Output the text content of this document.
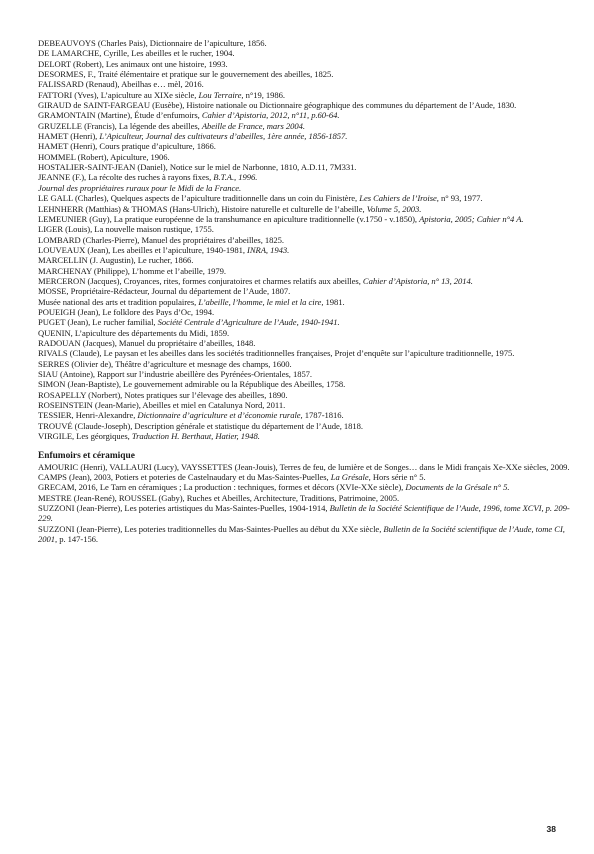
DEBEAUVOYS (Charles Pais), Dictionnaire de l’apiculture, 1856.

DE LAMARCHE, Cyrille, Les abeilles et le rucher, 1904.

DELORT (Robert), Les animaux ont une histoire, 1993.

DESORMES, F., Traité élémentaire et pratique sur le gouvernement des abeilles, 1825.

FALISSARD (Renaud), Abeilhas e… mèl, 2016.

FATTORI (Yves), L’apiculture au XIXe siècle, Lou Terraire, n°19, 1986.

GIRAUD de SAINT-FARGEAU (Eusèbe), Histoire nationale ou Dictionnaire géographique des communes du département de l’Aude, 1830.

GRAMONTAIN (Martine), Étude d’enfumoirs, Cahier d’Apistoria, 2012, n°11, p.60-64.

GRUZELLE (Francis), La légende des abeilles, Abeille de France, mars 2004.

HAMET (Henri), L’Apiculteur, Journal des cultivateurs d’abeilles, 1ère année, 1856-1857.

HAMET (Henri), Cours pratique d’apiculture, 1866.

HOMMEL (Robert), Apiculture, 1906.

HOSTALIER-SAINT-JEAN (Daniel), Notice sur le miel de Narbonne, 1810, A.D.11, 7M331.

JEANNE (F.), La récolte des ruches à rayons fixes, B.T.A., 1996.

Journal des propriétaires ruraux pour le Midi de la France.

LE GALL (Charles), Quelques aspects de l’apiculture traditionnelle dans un coin du Finistère, Les Cahiers de l’Iroise, n° 93, 1977.

LEHNHERR (Matthias) & THOMAS (Hans-Ulrich), Histoire naturelle et culturelle de l’abeille, Volume 5, 2003.

LEMEUNIER (Guy), La pratique européenne de la transhumance en apiculture traditionnelle (v.1750 - v.1850), Apistoria, 2005; Cahier n°4 A.

LIGER (Louis), La nouvelle maison rustique, 1755.

LOMBARD (Charles-Pierre), Manuel des propriétaires d’abeilles, 1825.

LOUVEAUX (Jean), Les abeilles et l’apiculture, 1940-1981, INRA, 1943.

MARCELLIN (J. Augustin), Le rucher, 1866.

MARCHENAY (Philippe), L’homme et l’abeille, 1979.

MERCERON (Jacques), Croyances, rites, formes conjuratoires et charmes relatifs aux abeilles, Cahier d’Apistoria, n° 13, 2014.

MOSSE, Propriétaire-Rédacteur, Journal du département de l’Aude, 1807.

Musée national des arts et tradition populaires, L’abeille, l’homme, le miel et la cire, 1981.

POUEIGH (Jean), Le folklore des Pays d’Oc, 1994.

PUGET (Jean), Le rucher familial, Société Centrale d’Agriculture de l’Aude, 1940-1941.

QUENIN, L’apiculture des départements du Midi, 1859.

RADOUAN (Jacques), Manuel du propriétaire d’abeilles, 1848.

RIVALS (Claude), Le paysan et les abeilles dans les sociétés traditionnelles françaises, Projet d’enquête sur l’apiculture traditionnelle, 1975.

SERRES (Olivier de), Théâtre d’agriculture et mesnage des champs, 1600.

SIAU (Antoine), Rapport sur l’industrie abeillère des Pyrénées-Orientales, 1857.

SIMON (Jean-Baptiste), Le gouvernement admirable ou la République des Abeilles, 1758.

ROSAPELLY (Norbert), Notes pratiques sur l’élevage des abeilles, 1890.

ROSEINSTEIN (Jean-Marie), Abeilles et miel en Catalunya Nord, 2011.

TESSIER, Henri-Alexandre, Dictionnaire d’agriculture et d’économie rurale, 1787-1816.

TROUVÉ (Claude-Joseph), Description générale et statistique du département de l’Aude, 1818.

VIRGILE, Les géorgiques, Traduction H. Berthaut, Hatier, 1948.

Enfumoirs et céramique

AMOURIC (Henri), VALLAURI (Lucy), VAYSSETTES (Jean-Jouis), Terres de feu, de lumière et de Songes… dans le Midi français Xe-XXe siècles, 2009.

CAMPS (Jean), 2003, Potiers et poteries de Castelnaudary et du Mas-Saintes-Puelles, La Grésale, Hors série n° 5.

GRECAM, 2016, Le Tarn en céramiques ; La production : techniques, formes et décors (XVIe-XXe siècle), Documents de la Grésale n° 5.

MESTRE (Jean-René), ROUSSEL (Gaby), Ruches et Abeilles, Architecture, Traditions, Patrimoine, 2005.

SUZZONI (Jean-Pierre), Les poteries artistiques du Mas-Saintes-Puelles, 1904-1914, Bulletin de la Société Scientifique de l’Aude, 1996, tome XCVI, p. 209-229.

SUZZONI (Jean-Pierre), Les poteries traditionnelles du Mas-Saintes-Puelles au début du XXe siècle, Bulletin de la Société scientifique de l’Aude, tome CI, 2001, p. 147-156.

38
